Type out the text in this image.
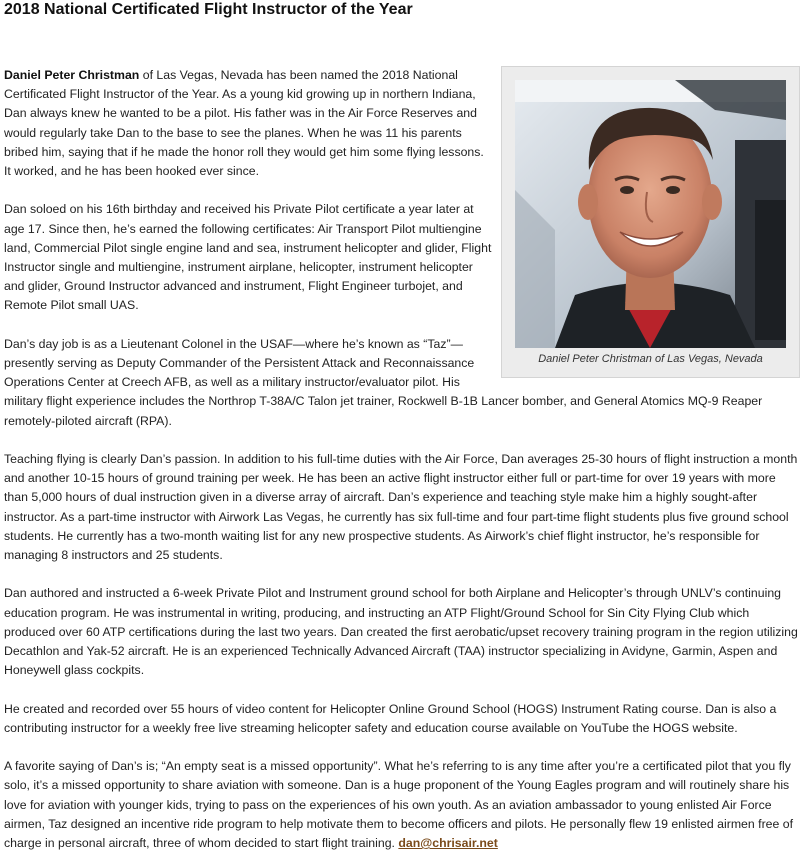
2018 National Certificated Flight Instructor of the Year
Daniel Peter Christman of Las Vegas, Nevada

Daniel Peter Christman of Las Vegas, Nevada has been named the 2018 National Certificated Flight Instructor of the Year. As a young kid growing up in northern Indiana, Dan always knew he wanted to be a pilot. His father was in the Air Force Reserves and would regularly take Dan to the base to see the planes. When he was 11 his parents bribed him, saying that if he made the honor roll they would get him some flying lessons. It worked, and he has been hooked ever since.

Dan soloed on his 16th birthday and received his Private Pilot certificate a year later at age 17. Since then, he’s earned the following certificates: Air Transport Pilot multiengine land, Commercial Pilot single engine land and sea, instrument helicopter and glider, Flight Instructor single and multiengine, instrument airplane, helicopter, instrument helicopter and glider, Ground Instructor advanced and instrument, Flight Engineer turbojet, and Remote Pilot small UAS.

Dan’s day job is as a Lieutenant Colonel in the USAF—where he’s known as “Taz”—presently serving as Deputy Commander of the Persistent Attack and Reconnaissance Operations Center at Creech AFB, as well as a military instructor/evaluator pilot. His military flight experience includes the Northrop T-38A/C Talon jet trainer, Rockwell B-1B Lancer bomber, and General Atomics MQ-9 Reaper remotely-piloted aircraft (RPA).

Teaching flying is clearly Dan’s passion. In addition to his full-time duties with the Air Force, Dan averages 25-30 hours of flight instruction a month and another 10-15 hours of ground training per week. He has been an active flight instructor either full or part-time for over 19 years with more than 5,000 hours of dual instruction given in a diverse array of aircraft. Dan’s experience and teaching style make him a highly sought-after instructor. As a part-time instructor with Airwork Las Vegas, he currently has six full-time and four part-time flight students plus five ground school students. He currently has a two-month waiting list for any new prospective students. As Airwork’s chief flight instructor, he’s responsible for managing 8 instructors and 25 students.

Dan authored and instructed a 6-week Private Pilot and Instrument ground school for both Airplane and Helicopter’s through UNLV’s continuing education program. He was instrumental in writing, producing, and instructing an ATP Flight/Ground School for Sin City Flying Club which produced over 60 ATP certifications during the last two years. Dan created the first aerobatic/upset recovery training program in the region utilizing Decathlon and Yak-52 aircraft. He is an experienced Technically Advanced Aircraft (TAA) instructor specializing in Avidyne, Garmin, Aspen and Honeywell glass cockpits.

He created and recorded over 55 hours of video content for Helicopter Online Ground School (HOGS) Instrument Rating course. Dan is also a contributing instructor for a weekly free live streaming helicopter safety and education course available on YouTube the HOGS website.

A favorite saying of Dan’s is; “An empty seat is a missed opportunity”. What he’s referring to is any time after you’re a certificated pilot that you fly solo, it’s a missed opportunity to share aviation with someone. Dan is a huge proponent of the Young Eagles program and will routinely share his love for aviation with younger kids, trying to pass on the experiences of his own youth. As an aviation ambassador to young enlisted Air Force airmen, Taz designed an incentive ride program to help motivate them to become officers and pilots. He personally flew 19 enlisted airmen free of charge in personal aircraft, three of whom decided to start flight training. dan@chrisair.net
